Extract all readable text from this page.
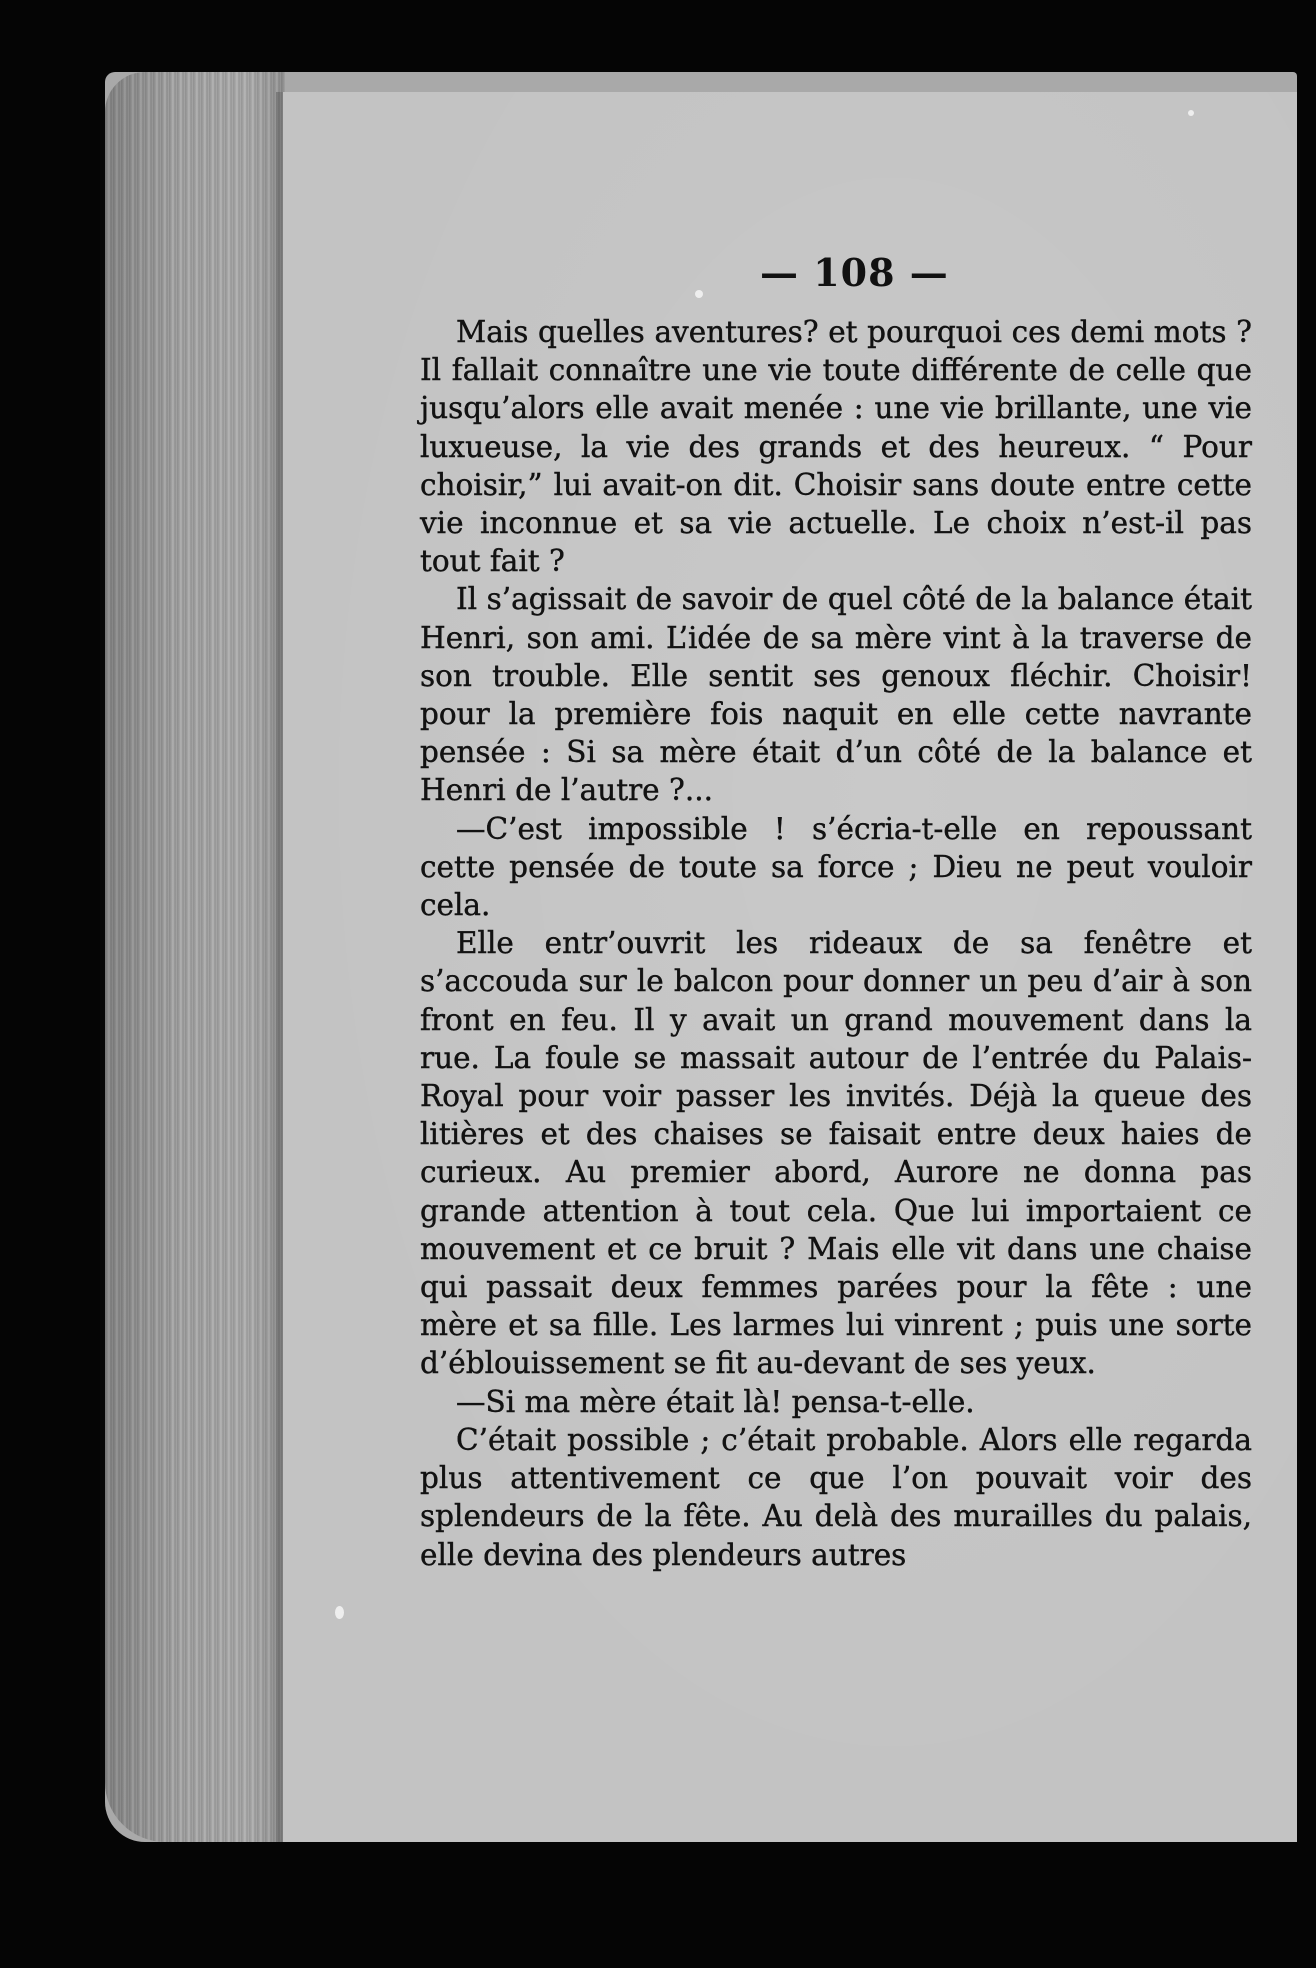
— 108 —

Mais quelles aventures? et pourquoi ces demi mots ? Il fallait connaître une vie toute différente de celle que jusqu’alors elle avait menée : une vie brillante, une vie luxueuse, la vie des grands et des heureux. “ Pour choisir,” lui avait-on dit. Choisir sans doute entre cette vie inconnue et sa vie actuelle. Le choix n’est-il pas tout fait ?

Il s’agissait de savoir de quel côté de la balance était Henri, son ami. L’idée de sa mère vint à la traverse de son trouble. Elle sentit ses genoux fléchir. Choisir! pour la première fois naquit en elle cette navrante pensée : Si sa mère était d’un côté de la balance et Henri de l’autre ?...

—C’est impossible ! s’écria-t-elle en repoussant cette pensée de toute sa force ; Dieu ne peut vouloir cela.

Elle entr’ouvrit les rideaux de sa fenêtre et s’accouda sur le balcon pour donner un peu d’air à son front en feu. Il y avait un grand mouvement dans la rue. La foule se massait autour de l’entrée du Palais-Royal pour voir passer les invités. Déjà la queue des litières et des chaises se faisait entre deux haies de curieux. Au premier abord, Aurore ne donna pas grande attention à tout cela. Que lui importaient ce mouvement et ce bruit ? Mais elle vit dans une chaise qui passait deux femmes parées pour la fête : une mère et sa fille. Les larmes lui vinrent ; puis une sorte d’éblouissement se fit au-devant de ses yeux.

—Si ma mère était là! pensa-t-elle.

C’était possible ; c’était probable. Alors elle regarda plus attentivement ce que l’on pouvait voir des splendeurs de la fête. Au delà des murailles du palais, elle devina des plendeurs autres
